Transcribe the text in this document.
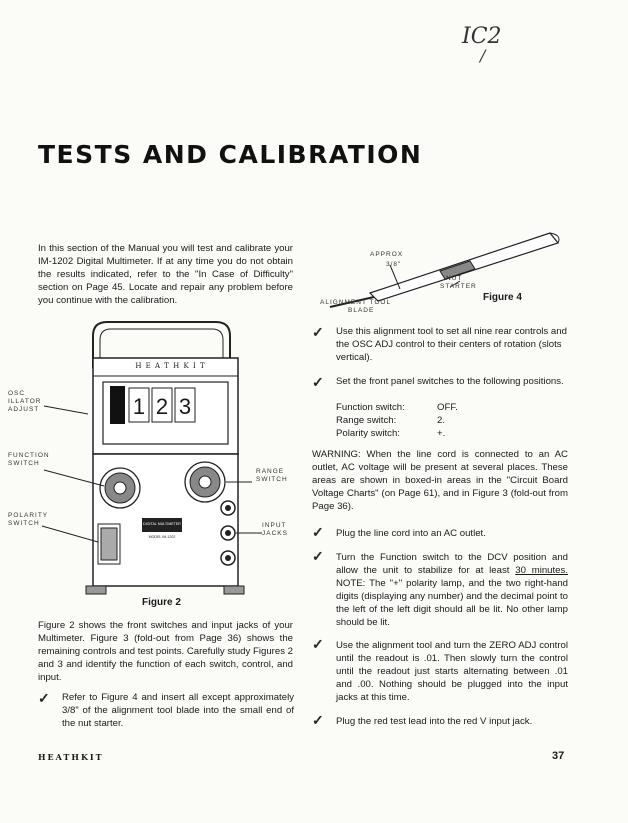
IC2
/
TESTS AND CALIBRATION
In this section of the Manual you will test and calibrate your IM-1202 Digital Multimeter. If at any time you do not obtain the results indicated, refer to the "In Case of Difficulty" section on Page 45. Locate and repair any problem before you continue with the calibration.
OSC ILLATOR ADJUST
FUNCTION SWITCH
POLARITY SWITCH
RANGE SWITCH
INPUT JACKS
H E A T H K I T
1 2 3
DIGITAL MULTIMETER
MODEL IM-1202
Figure 2
Figure 2 shows the front switches and input jacks of your Multimeter. Figure 3 (fold-out from Page 36) shows the remaining controls and test points. Carefully study Figures 2 and 3 and identify the function of each switch, control, and input.
✓ Refer to Figure 4 and insert all except approximately 3/8" of the alignment tool blade into the small end of the nut starter.
APPROX
3/8"
NUT
STARTER
ALIGNMENT TOOL
BLADE
Figure 4
✓ Use this alignment tool to set all nine rear controls and the OSC ADJ control to their centers of rotation (slots vertical).
✓ Set the front panel switches to the following positions.
Function switch:	OFF.
Range switch:	2.
Polarity switch:	+.
WARNING: When the line cord is connected to an AC outlet, AC voltage will be present at several places. These areas are shown in boxed-in areas in the "Circuit Board Voltage Charts" (on Page 61), and in Figure 3 (fold-out from Page 36).
✓ Plug the line cord into an AC outlet.
✓ Turn the Function switch to the DCV position and allow the unit to stabilize for at least 30 minutes. NOTE: The "+" polarity lamp, and the two right-hand digits (displaying any number) and the decimal point to the left of the left digit should all be lit. No other lamp should be lit.
✓ Use the alignment tool and turn the ZERO ADJ control until the readout is .01. Then slowly turn the control until the readout just starts alternating between .01 and .00. Nothing should be plugged into the input jacks at this time.
✓ Plug the red test lead into the red V input jack.
HEATHKIT	37
